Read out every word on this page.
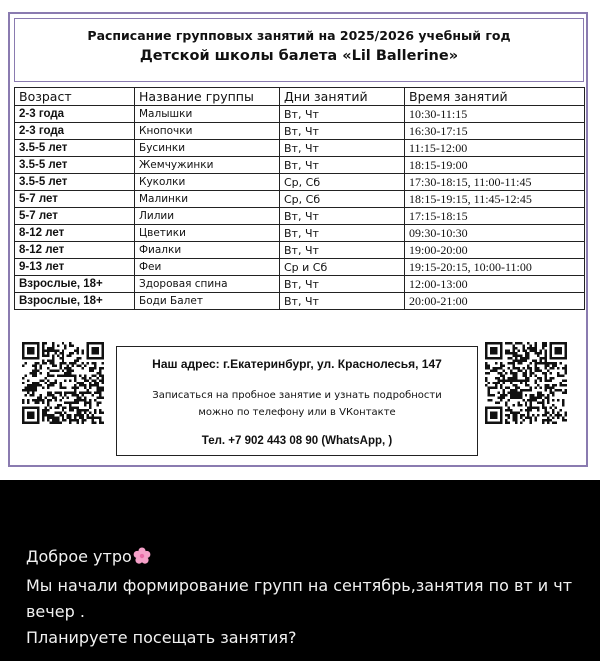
Расписание групповых занятий на 2025/2026 учебный год
Детской школы балета «Lil Ballerine»
Возраст	Название группы	Дни занятий	Время занятий
2-3 года	Малышки	Вт, Чт	10:30-11:15
2-3 года	Кнопочки	Вт, Чт	16:30-17:15
3.5-5 лет	Бусинки	Вт, Чт	11:15-12:00
3.5-5 лет	Жемчужинки	Вт, Чт	18:15-19:00
3.5-5 лет	Куколки	Ср, Сб	17:30-18:15, 11:00-11:45
5-7 лет	Малинки	Ср, Сб	18:15-19:15, 11:45-12:45
5-7 лет	Лилии	Вт, Чт	17:15-18:15
8-12 лет	Цветики	Вт, Чт	09:30-10:30
8-12 лет	Фиалки	Вт, Чт	19:00-20:00
9-13 лет	Феи	Ср и Сб	19:15-20:15, 10:00-11:00
Взрослые, 18+	Здоровая спина	Вт, Чт	12:00-13:00
Взрослые, 18+	Боди Балет	Вт, Чт	20:00-21:00
Наш адрес: г.Екатеринбург, ул. Краснолесья, 147
Записаться на пробное занятие и узнать подробности
можно по телефону или в VКонтакте
Тел. +7 902 443 08 90 (WhatsApp, )
Доброе утро
Мы начали формирование групп на сентябрь,занятия по вт и чт вечер .
Планируете посещать занятия?
